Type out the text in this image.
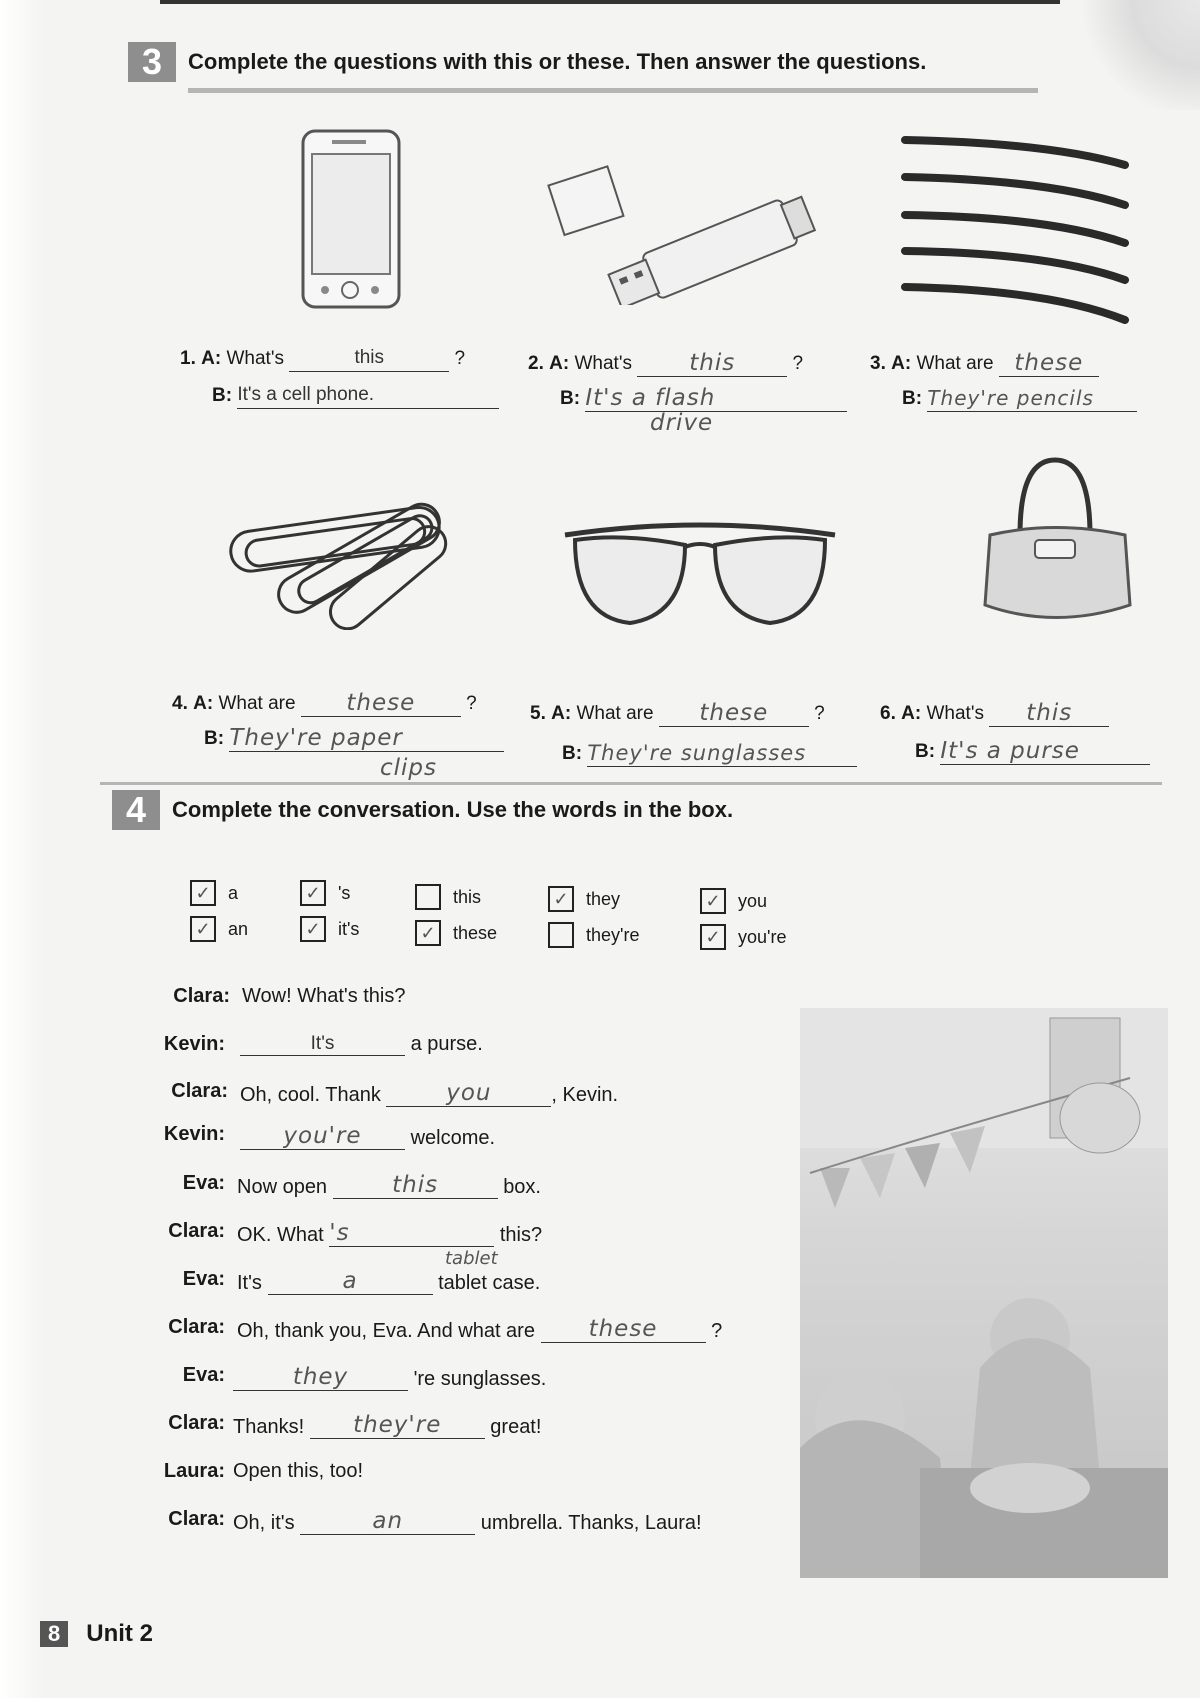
3	Complete the questions with this or these. Then answer the questions.
1. A: What's	this	?
B: It's a cell phone.
2. A: What's this	?
B: It's a flash
drive
3. A: What are these
B: They're pencils
4. A: What are these	?
B: They're paper
clips
5. A: What are these ?
B: They're sunglasses
6. A: What's this
B: It's a purse
4	Complete the conversation. Use the words in the box.
✓ a
✓ an
✓ 's
✓ it's
this
✓ these
✓ they
they're
✓ you
✓ you're
Clara: Wow! What's this?
Kevin:	It's	a purse.
Clara: Oh, cool. Thank	you	, Kevin.
Kevin:	you're welcome.
Eva: Now open	this	box.
Clara: OK. What 's	this?
tablet
Eva: It's	a	tablet case.
Clara: Oh, thank you, Eva. And what are these	?
Eva:	they	're sunglasses.
Clara: Thanks! they're great!
Laura: Open this, too!
Clara: Oh, it's	an	umbrella. Thanks, Laura!
8	Unit 2
